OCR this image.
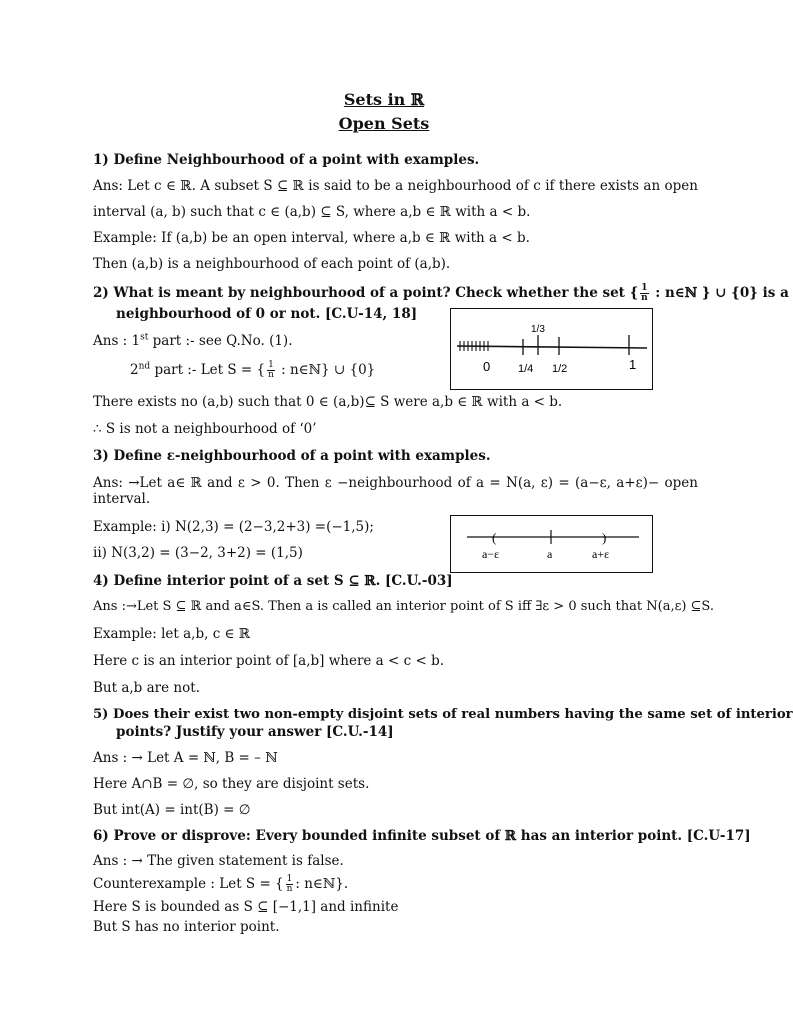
Sets in ℝ
Open Sets
1) Define Neighbourhood of a point with examples.
Ans: Let c ∈ ℝ. A subset S ⊆ ℝ is said to be a neighbourhood of c if there exists an open
interval (a, b) such that c ∈ (a,b) ⊆ S, where a,b ∈ ℝ with a < b.
Example: If (a,b) be an open interval, where a,b ∈ ℝ with a < b.
Then (a,b) is a neighbourhood of each point of (a,b).
2) What is meant by neighbourhood of a point? Check whether the set { $\frac{1}{n}$ : n∈ℕ } ∪ {0} is a
neighbourhood of 0 or not. [C.U-14, 18]
Ans : 1st part :- see Q.No. (1).
2nd part :- Let S = { $\frac{1}{n}$ : n∈ℕ} ∪ {0}
There exists no (a,b) such that 0 ∈ (a,b)⊆ S were a,b ∈ ℝ with a < b.
∴ S is not a neighbourhood of ‘0’
0	1/4
1/3
1/2	1
3) Define ε-neighbourhood of a point with examples.
Ans: →Let a∈ ℝ and ε > 0. Then ε −neighbourhood of a = N(a, ε) = (a−ε, a+ε)− open
interval.
Example: i) N(2,3) = (2−3,2+3) =(−1,5);
ii) N(3,2) = (3−2, 3+2) = (1,5)
(	)
a−ε	a	a+ε
4) Define interior point of a set S ⊆ ℝ. [C.U.-03]
Ans :→Let S ⊆ ℝ and a∈S. Then a is called an interior point of S iff ∃ε > 0 such that N(a,ε) ⊆S.
Example: let a,b, c ∈ ℝ
Here c is an interior point of [a,b] where a < c < b.
But a,b are not.
5) Does their exist two non-empty disjoint sets of real numbers having the same set of interior
points? Justify your answer [C.U.-14]
Ans : → Let A = ℕ, B = – ℕ
Here A∩B = ∅, so they are disjoint sets.
But int(A) = int(B) = ∅
6) Prove or disprove: Every bounded infinite subset of ℝ has an interior point. [C.U-17]
Ans : → The given statement is false.
Counterexample : Let S = { $\frac{1}{n}$ : n∈ℕ}.
Here S is bounded as S ⊆ [−1,1] and infinite
But S has no interior point.
